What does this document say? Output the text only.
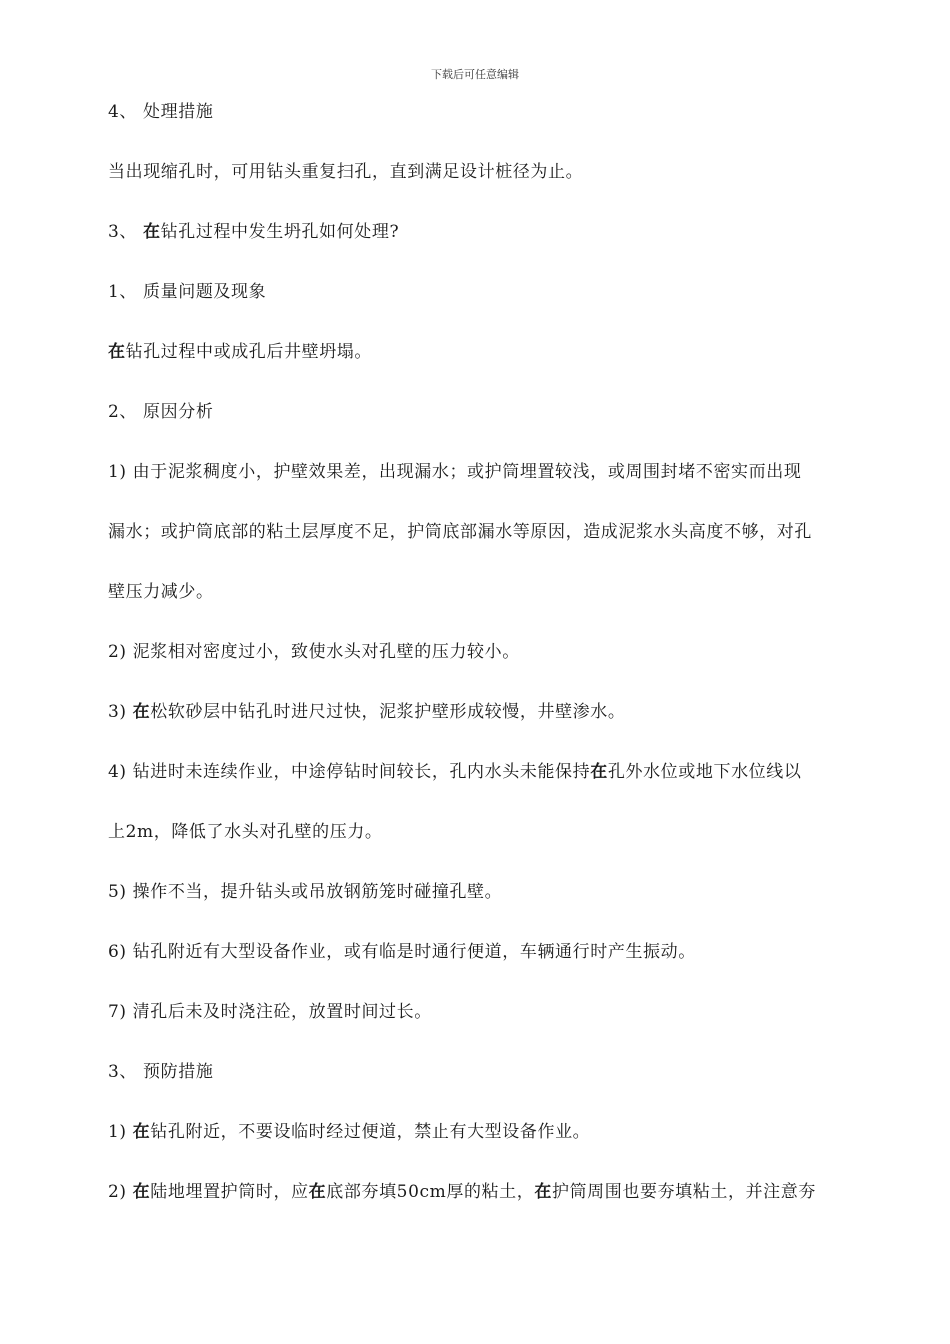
下载后可任意编辑
4、 处理措施
当出现缩孔时，可用钻头重复扫孔，直到满足设计桩径为止。
3、 在钻孔过程中发生坍孔如何处理?
1、 质量问题及现象
在钻孔过程中或成孔后井壁坍塌。
2、 原因分析
1) 由于泥浆稠度小，护壁效果差，出现漏水；或护筒埋置较浅，或周围封堵不密实而出现
漏水；或护筒底部的粘土层厚度不足，护筒底部漏水等原因，造成泥浆水头高度不够，对孔
壁压力减少。
2) 泥浆相对密度过小，致使水头对孔壁的压力较小。
3) 在松软砂层中钻孔时进尺过快，泥浆护壁形成较慢，井壁渗水。
4) 钻进时未连续作业，中途停钻时间较长，孔内水头未能保持在孔外水位或地下水位线以
上2m，降低了水头对孔壁的压力。
5) 操作不当，提升钻头或吊放钢筋笼时碰撞孔壁。
6) 钻孔附近有大型设备作业，或有临是时通行便道，车辆通行时产生振动。
7) 清孔后未及时浇注砼，放置时间过长。
3、 预防措施
1) 在钻孔附近，不要设临时经过便道，禁止有大型设备作业。
2) 在陆地埋置护筒时，应在底部夯填50cm厚的粘土，在护筒周围也要夯填粘土，并注意夯
